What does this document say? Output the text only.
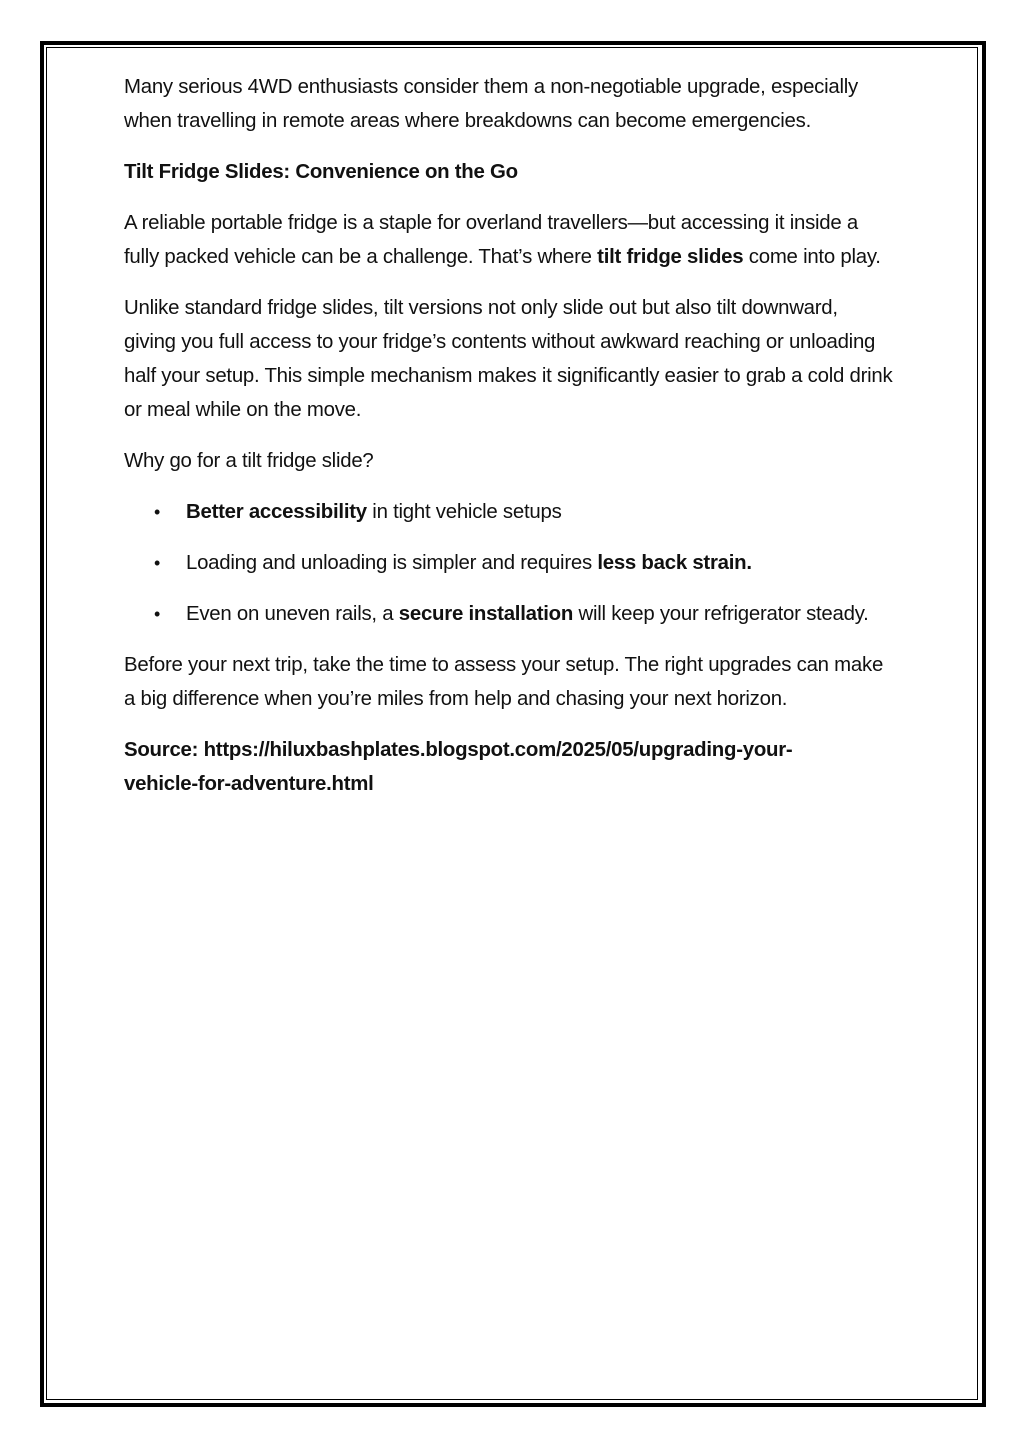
Many serious 4WD enthusiasts consider them a non-negotiable upgrade, especially when travelling in remote areas where breakdowns can become emergencies.

Tilt Fridge Slides: Convenience on the Go

A reliable portable fridge is a staple for overland travellers—but accessing it inside a fully packed vehicle can be a challenge. That’s where tilt fridge slides come into play.

Unlike standard fridge slides, tilt versions not only slide out but also tilt downward, giving you full access to your fridge’s contents without awkward reaching or unloading half your setup. This simple mechanism makes it significantly easier to grab a cold drink or meal while on the move.

Why go for a tilt fridge slide?

• Better accessibility in tight vehicle setups
• Loading and unloading is simpler and requires less back strain.
• Even on uneven rails, a secure installation will keep your refrigerator steady.

Before your next trip, take the time to assess your setup. The right upgrades can make a big difference when you’re miles from help and chasing your next horizon.

Source: https://hiluxbashplates.blogspot.com/2025/05/upgrading-your-
vehicle-for-adventure.html
